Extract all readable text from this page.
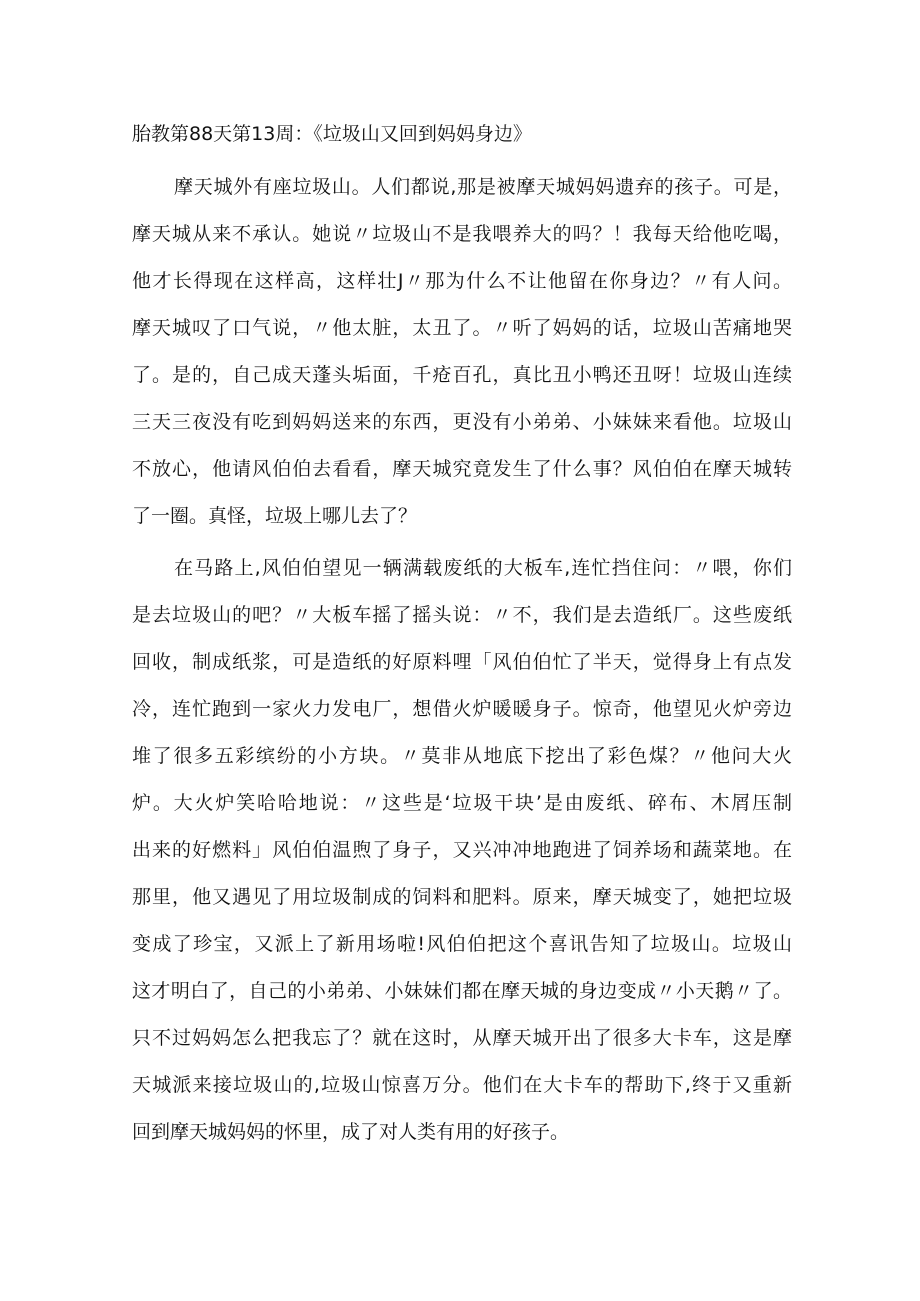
胎教第88天第13周：《垃圾山又回到妈妈身边》
摩天城外有座垃圾山。人们都说,那是被摩天城妈妈遗弃的孩子。可是，
摩天城从来不承认。她说〃垃圾山不是我喂养大的吗？！我每天给他吃喝，
他才长得现在这样高，这样壮J〃那为什么不让他留在你身边？〃有人问。
摩天城叹了口气说，〃他太脏，太丑了。〃听了妈妈的话，垃圾山苦痛地哭
了。是的，自己成天蓬头垢面，千疮百孔，真比丑小鸭还丑呀！垃圾山连续
三天三夜没有吃到妈妈送来的东西，更没有小弟弟、小妹妹来看他。垃圾山
不放心，他请风伯伯去看看，摩天城究竟发生了什么事？风伯伯在摩天城转
了一圈。真怪，垃圾上哪儿去了？
在马路上,风伯伯望见一辆满载废纸的大板车,连忙挡住问：〃喂，你们
是去垃圾山的吧？〃大板车摇了摇头说：〃不，我们是去造纸厂。这些废纸
回收，制成纸浆，可是造纸的好原料哩「风伯伯忙了半天，觉得身上有点发
冷，连忙跑到一家火力发电厂，想借火炉暖暖身子。惊奇，他望见火炉旁边
堆了很多五彩缤纷的小方块。〃莫非从地底下挖出了彩色煤？〃他问大火
炉。大火炉笑哈哈地说：〃这些是‘垃圾干块’是由废纸、碎布、木屑压制
出来的好燃料」风伯伯温煦了身子，又兴冲冲地跑进了饲养场和蔬菜地。在
那里，他又遇见了用垃圾制成的饲料和肥料。原来，摩天城变了，她把垃圾
变成了珍宝，又派上了新用场啦!风伯伯把这个喜讯告知了垃圾山。垃圾山
这才明白了，自己的小弟弟、小妹妹们都在摩天城的身边变成〃小天鹅〃了。
只不过妈妈怎么把我忘了？就在这时，从摩天城开出了很多大卡车，这是摩
天城派来接垃圾山的,垃圾山惊喜万分。他们在大卡车的帮助下,终于又重新
回到摩天城妈妈的怀里，成了对人类有用的好孩子。
